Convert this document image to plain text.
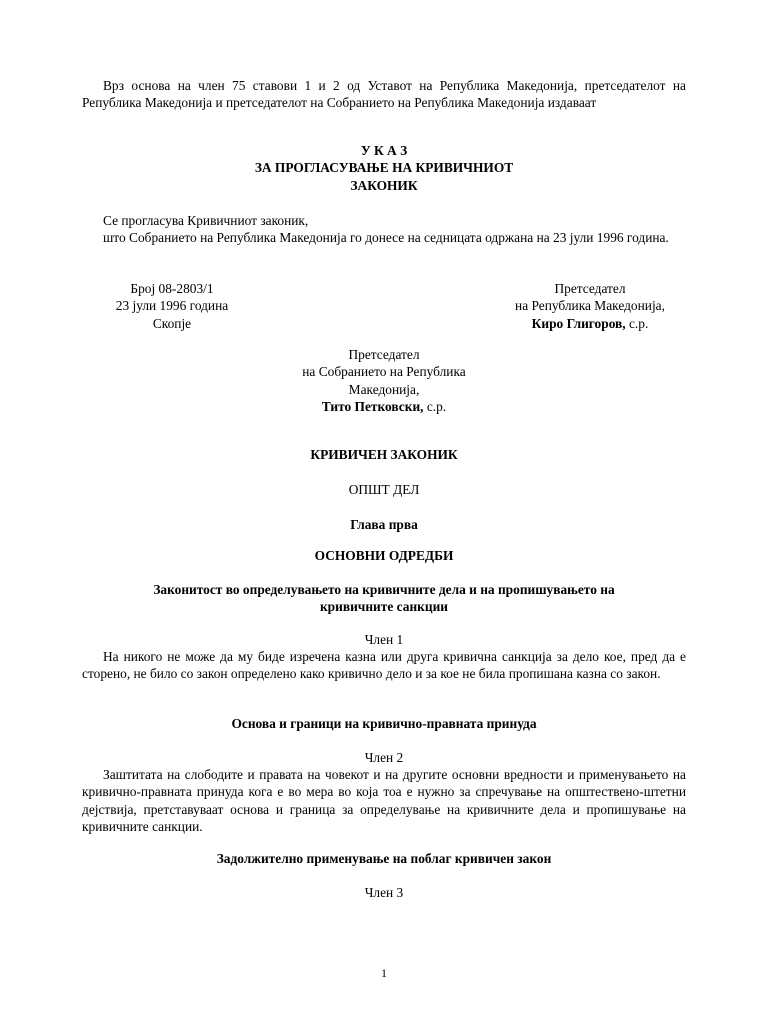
Врз основа на член 75 ставови 1 и 2 од Уставот на Република Македонија, претседателот на Република Македонија и претседателот на Собранието на Република Македонија издаваат

У К А З

ЗА ПРОГЛАСУВАЊЕ НА КРИВИЧНИОТ

ЗАКОНИК

Се прогласува Кривичниот законик,

што Собранието на Република Македонија го донесе на седницата одржана на 23 јули 1996 година.

Број 08-2803/1

23 јули 1996 година

Скопје

Претседател

на Република Македонија,

Киро Глигоров, с.р.

Претседател

на Собранието на Република

Македонија,

Тито Петковски, с.р.

КРИВИЧЕН ЗАКОНИК

ОПШТ ДЕЛ

Глава прва

ОСНОВНИ ОДРЕДБИ

Законитост во определувањето на кривичните дела и на пропишувањето на

кривичните санкции

Член 1

На никого не може да му биде изречена казна или друга кривична санкција за дело кое, пред да е сторено, не било со закон определено како кривично дело и за кое не била пропишана казна со закон.

Основа и граници на кривично-правната принуда

Член 2

Заштитата на слободите и правата на човекот и на другите основни вредности и применувањето на кривично-правната принуда кога е во мера во која тоа е нужно за спречување на општествено-штетни дејствија, претставуваат основа и граница за определување на кривичните дела и пропишување на кривичните санкции.

Задолжително применување на поблаг кривичен закон

Член 3

1
